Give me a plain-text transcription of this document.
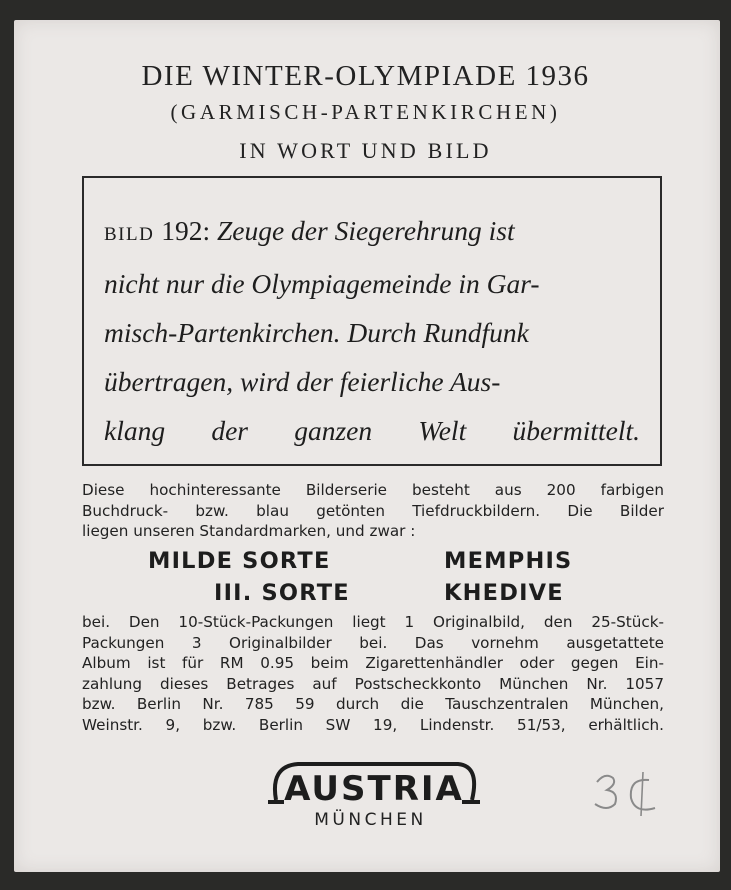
DIE WINTER-OLYMPIADE 1936
(GARMISCH-PARTENKIRCHEN)
IN WORT UND BILD
BILD 192: Zeuge der Siegerehrung ist
nicht nur die Olympiagemeinde in Gar-
misch-Partenkirchen. Durch Rundfunk
übertragen, wird der feierliche Aus-
klang der ganzen Welt übermittelt.
Diese hochinteressante Bilderserie besteht aus 200 farbigen
Buchdruck- bzw. blau getönten Tiefdruckbildern. Die Bilder
liegen unseren Standardmarken, und zwar :
MILDE SORTE	MEMPHIS
III. SORTE	KHEDIVE
bei. Den 10-Stück-Packungen liegt 1 Originalbild, den 25-Stück-
Packungen 3 Originalbilder bei. Das vornehm ausgetattete
Album ist für RM 0.95 beim Zigarettenhändler oder gegen Ein-
zahlung dieses Betrages auf Postscheckkonto München Nr. 1057
bzw. Berlin Nr. 785 59 durch die Tauschzentralen München,
Weinstr. 9, bzw. Berlin SW 19, Lindenstr. 51/53, erhältlich.
AUSTRIA
MÜNCHEN
